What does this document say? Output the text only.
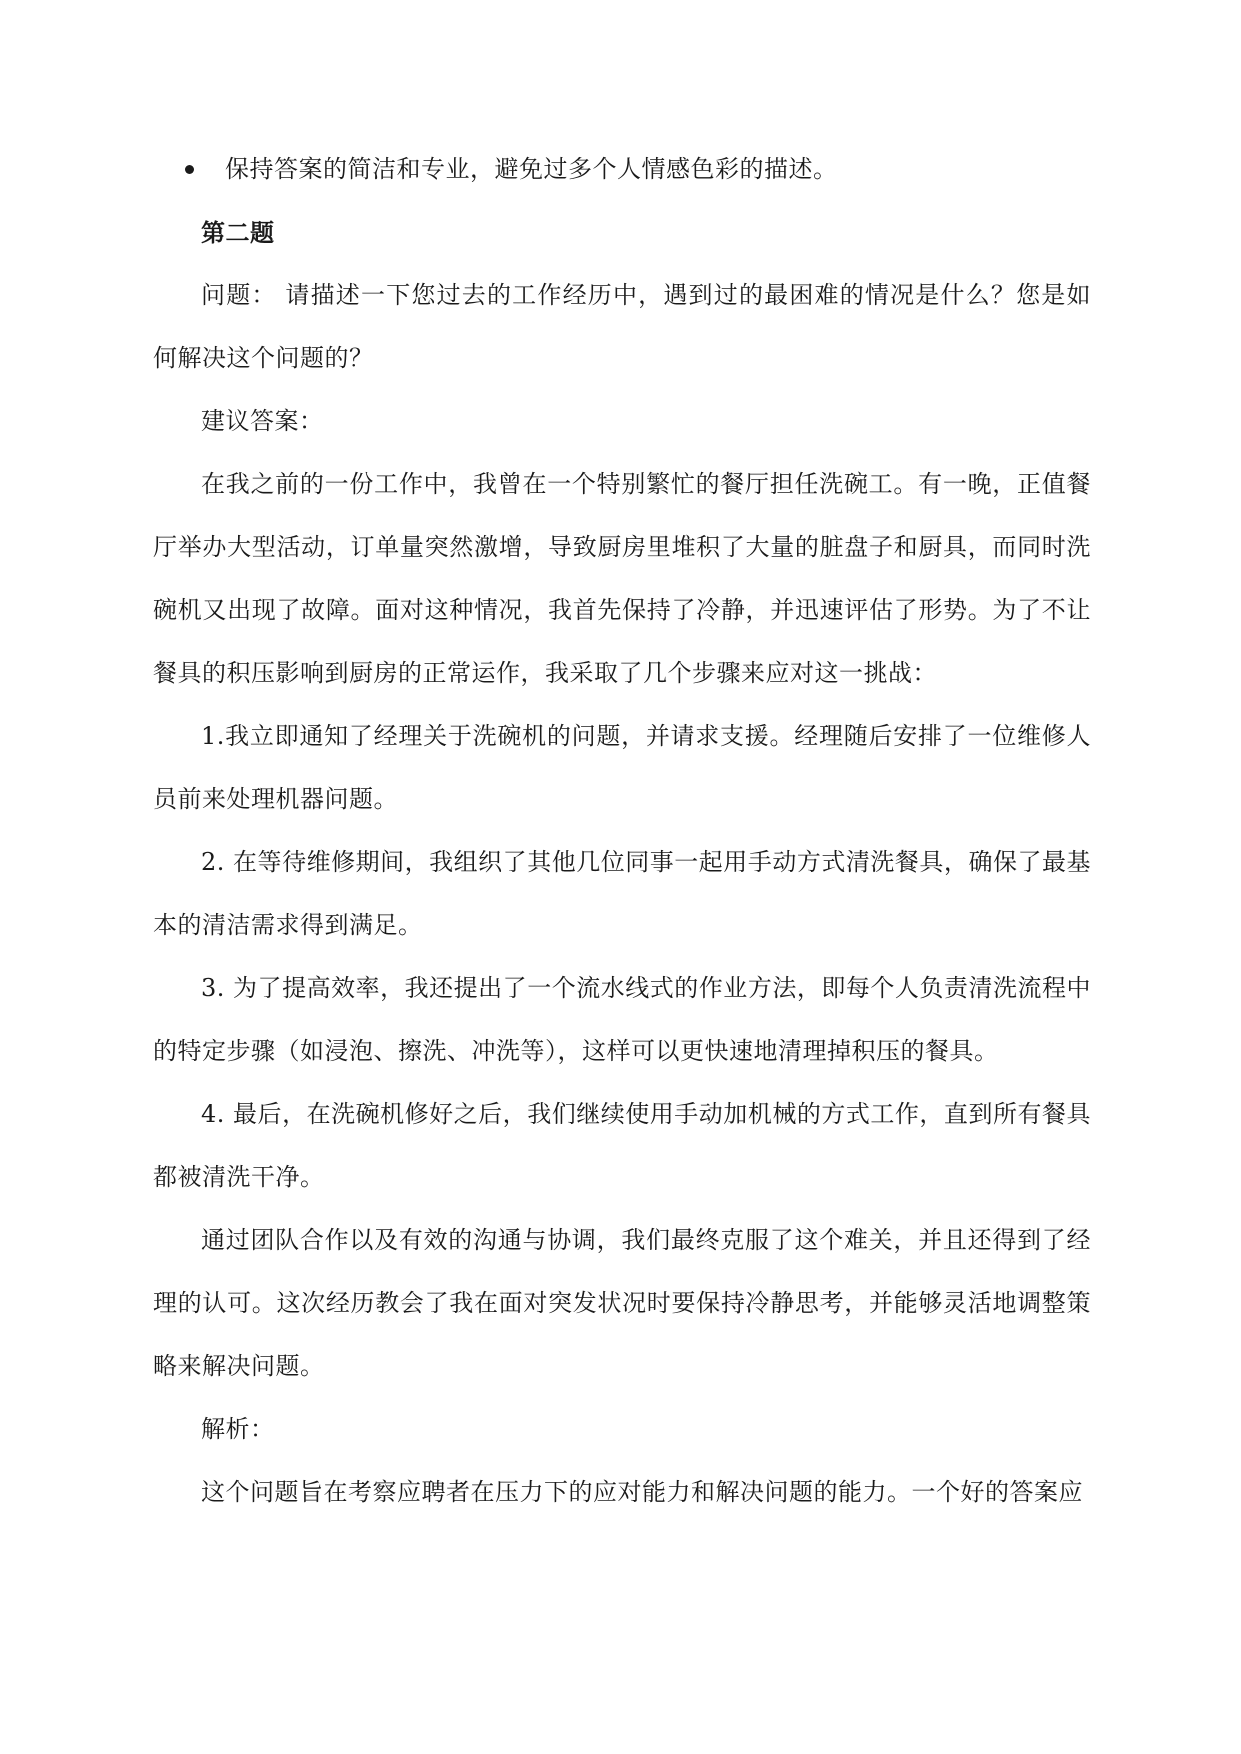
保持答案的简洁和专业，避免过多个人情感色彩的描述。

第二题

问题： 请描述一下您过去的工作经历中，遇到过的最困难的情况是什么？您是如何解决这个问题的？

建议答案：

在我之前的一份工作中，我曾在一个特别繁忙的餐厅担任洗碗工。有一晚，正值餐厅举办大型活动，订单量突然激增，导致厨房里堆积了大量的脏盘子和厨具，而同时洗碗机又出现了故障。面对这种情况，我首先保持了冷静，并迅速评估了形势。为了不让餐具的积压影响到厨房的正常运作，我采取了几个步骤来应对这一挑战：

1.我立即通知了经理关于洗碗机的问题，并请求支援。经理随后安排了一位维修人员前来处理机器问题。

2. 在等待维修期间，我组织了其他几位同事一起用手动方式清洗餐具，确保了最基本的清洁需求得到满足。

3. 为了提高效率，我还提出了一个流水线式的作业方法，即每个人负责清洗流程中的特定步骤（如浸泡、擦洗、冲洗等），这样可以更快速地清理掉积压的餐具。

4. 最后，在洗碗机修好之后，我们继续使用手动加机械的方式工作，直到所有餐具都被清洗干净。

通过团队合作以及有效的沟通与协调，我们最终克服了这个难关，并且还得到了经理的认可。这次经历教会了我在面对突发状况时要保持冷静思考，并能够灵活地调整策略来解决问题。

解析：

这个问题旨在考察应聘者在压力下的应对能力和解决问题的能力。一个好的答案应
